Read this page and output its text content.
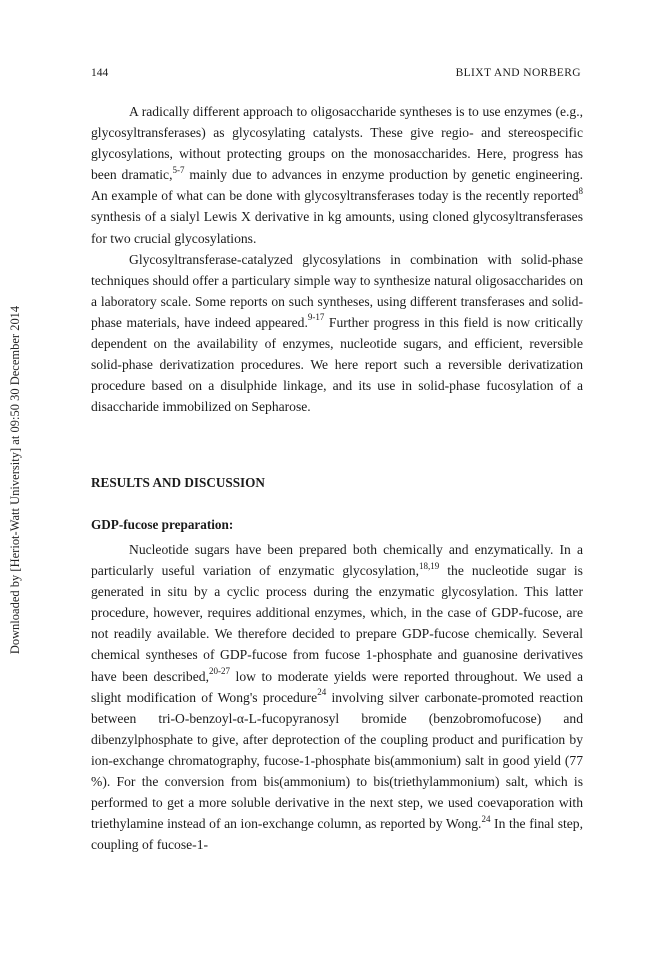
Downloaded by [Heriot-Watt University] at 09:50 30 December 2014
144	BLIXT AND NORBERG

A radically different approach to oligosaccharide syntheses is to use enzymes (e.g., glycosyltransferases) as glycosylating catalysts. These give regio- and stereospecific glycosylations, without protecting groups on the monosaccharides. Here, progress has been dramatic,$^{5-7}$ mainly due to advances in enzyme production by genetic engineering. An example of what can be done with glycosyltransferases today is the recently reported$^8$ synthesis of a sialyl Lewis X derivative in kg amounts, using cloned glycosyltransferases for two crucial glycosylations.

Glycosyltransferase-catalyzed glycosylations in combination with solid-phase techniques should offer a particulary simple way to synthesize natural oligosaccharides on a laboratory scale. Some reports on such syntheses, using different transferases and solid-phase materials, have indeed appeared.$^{9-17}$ Further progress in this field is now critically dependent on the availability of enzymes, nucleotide sugars, and efficient, reversible solid-phase derivatization procedures. We here report such a reversible derivatization procedure based on a disulphide linkage, and its use in solid-phase fucosylation of a disaccharide immobilized on Sepharose.

RESULTS AND DISCUSSION
GDP-fucose preparation:

Nucleotide sugars have been prepared both chemically and enzymatically. In a particularly useful variation of enzymatic glycosylation,$^{18,19}$ the nucleotide sugar is generated in situ by a cyclic process during the enzymatic glycosylation. This latter procedure, however, requires additional enzymes, which, in the case of GDP-fucose, are not readily available. We therefore decided to prepare GDP-fucose chemically. Several chemical syntheses of GDP-fucose from fucose 1-phosphate and guanosine derivatives have been described,$^{20-27}$ low to moderate yields were reported throughout. We used a slight modification of Wong's procedure$^{24}$ involving silver carbonate-promoted reaction between tri-O-benzoyl-α-L-fucopyranosyl bromide (benzobromofucose) and dibenzylphosphate to give, after deprotection of the coupling product and purification by ion-exchange chromatography, fucose-1-phosphate bis(ammonium) salt in good yield (77 %). For the conversion from bis(ammonium) to bis(triethylammonium) salt, which is performed to get a more soluble derivative in the next step, we used coevaporation with triethylamine instead of an ion-exchange column, as reported by Wong.$^{24}$ In the final step, coupling of fucose-1-
